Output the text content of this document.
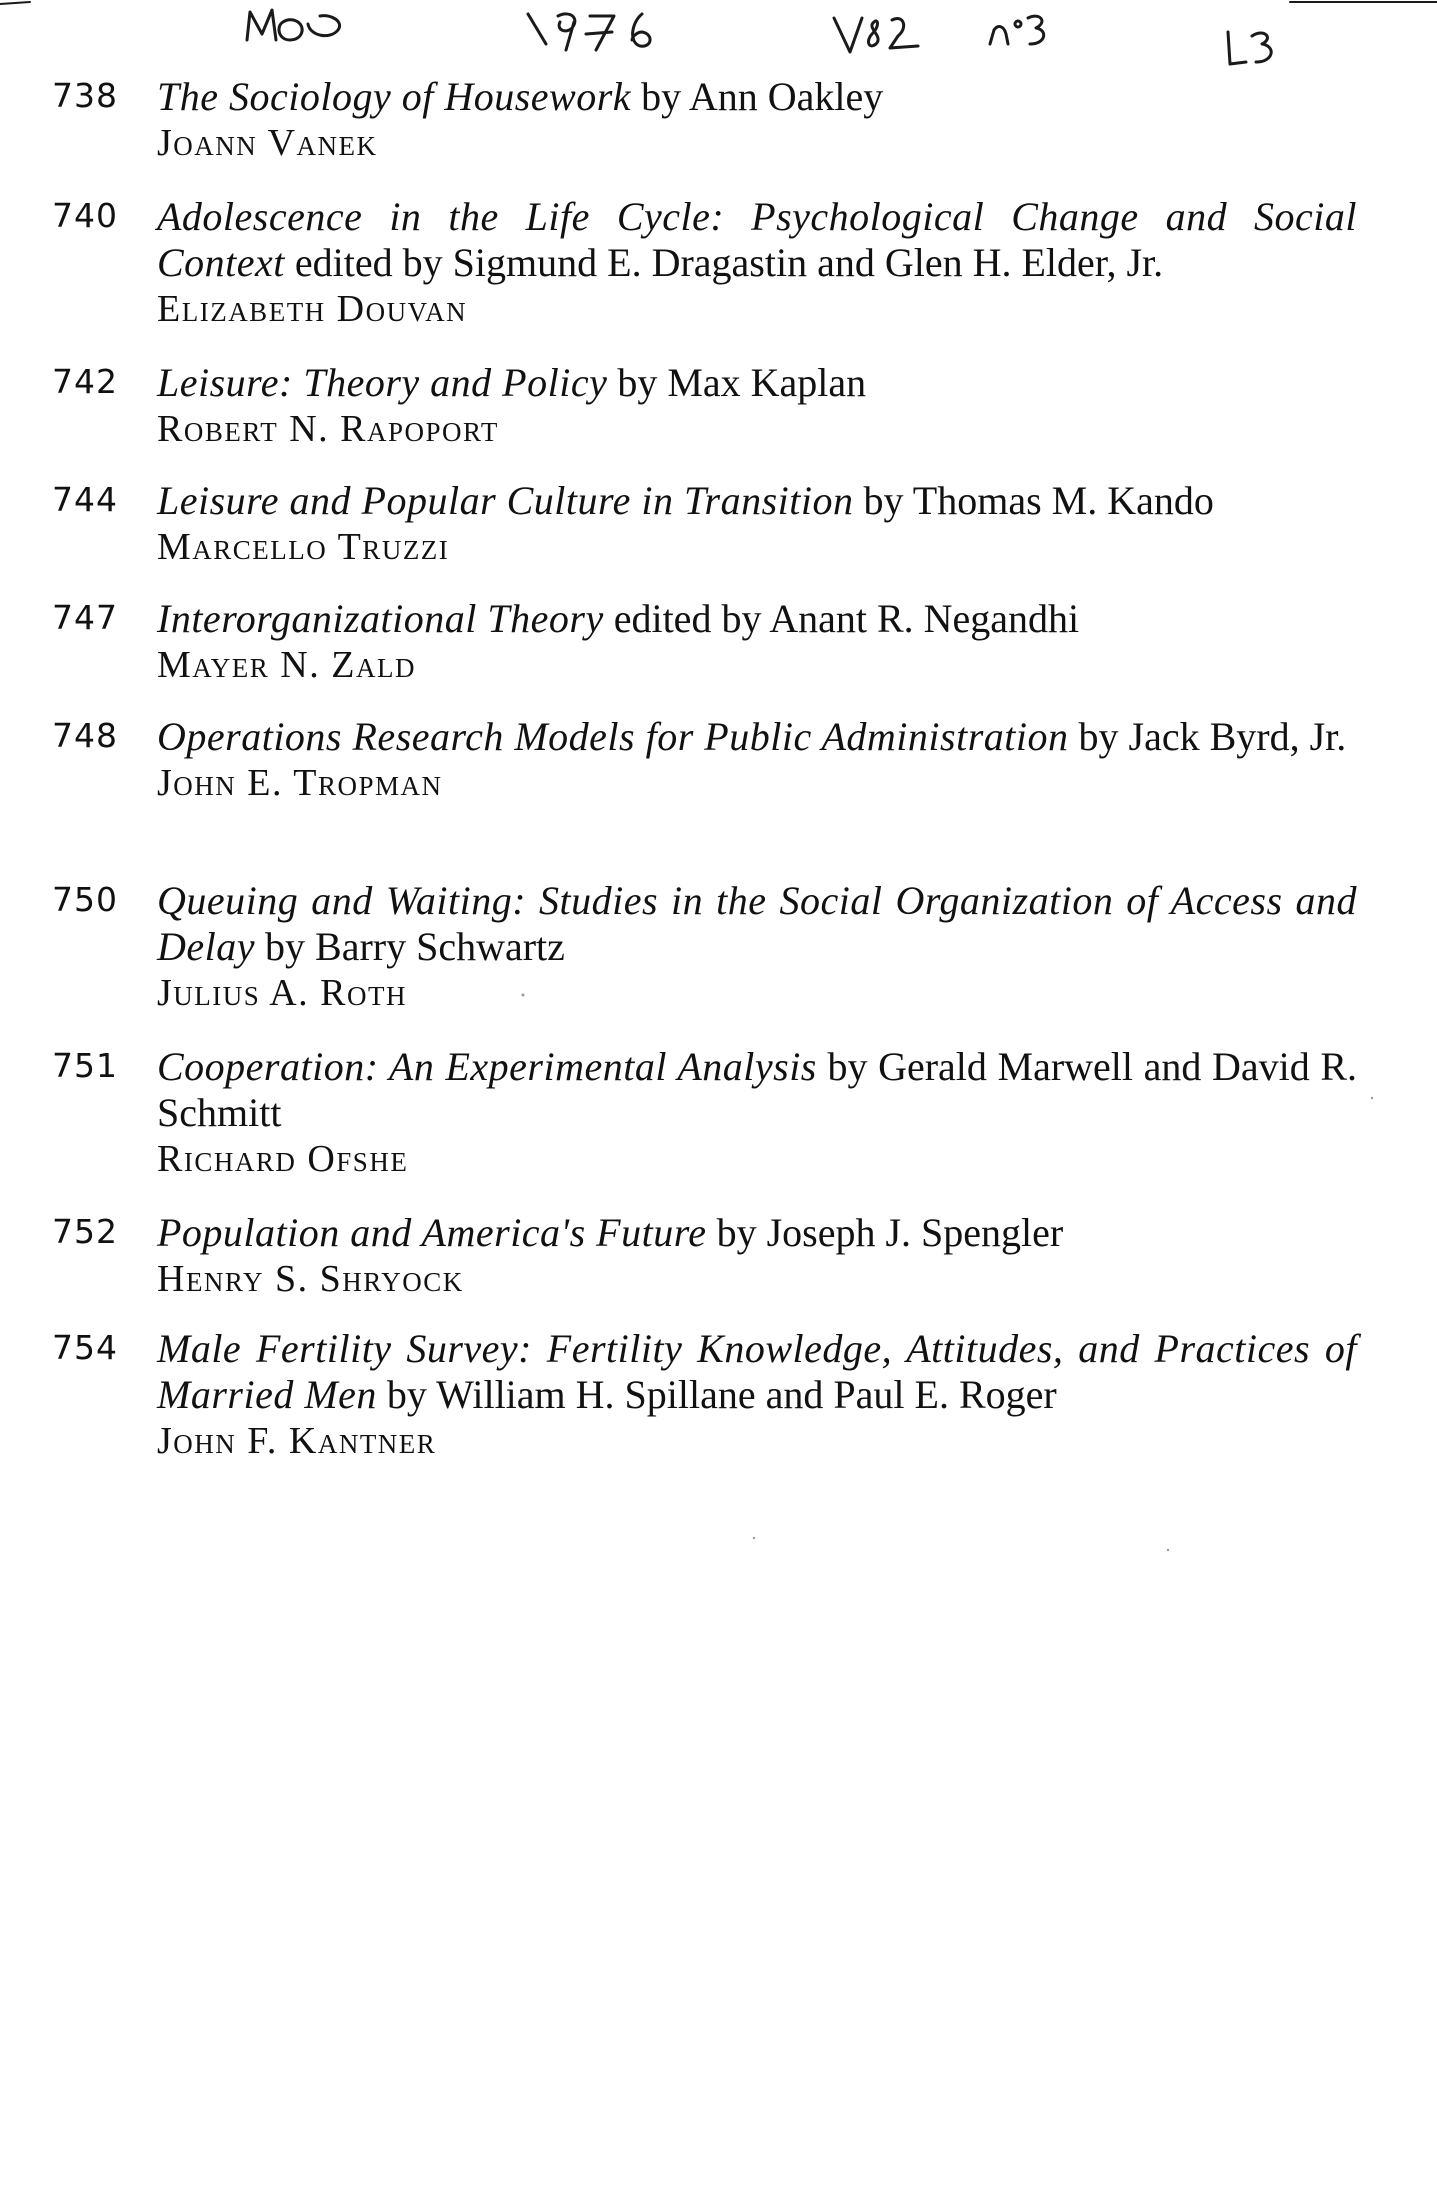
738 The Sociology of Housework by Ann Oakley
Joann Vanek
740 Adolescence in the Life Cycle: Psychological Change and Social Context edited by Sigmund E. Dragastin and Glen H. Elder, Jr.
Elizabeth Douvan
742 Leisure: Theory and Policy by Max Kaplan
Robert N. Rapoport
744 Leisure and Popular Culture in Transition by Thomas M. Kando
Marcello Truzzi
747 Interorganizational Theory edited by Anant R. Negandhi
Mayer N. Zald
748 Operations Research Models for Public Administration by Jack Byrd, Jr.
John E. Tropman
750 Queuing and Waiting: Studies in the Social Organization of Access and Delay by Barry Schwartz
Julius A. Roth
751 Cooperation: An Experimental Analysis by Gerald Marwell and David R. Schmitt
Richard Ofshe
752 Population and America's Future by Joseph J. Spengler
Henry S. Shryock
754 Male Fertility Survey: Fertility Knowledge, Attitudes, and Practices of Married Men by William H. Spillane and Paul E. Roger
John F. Kantner
